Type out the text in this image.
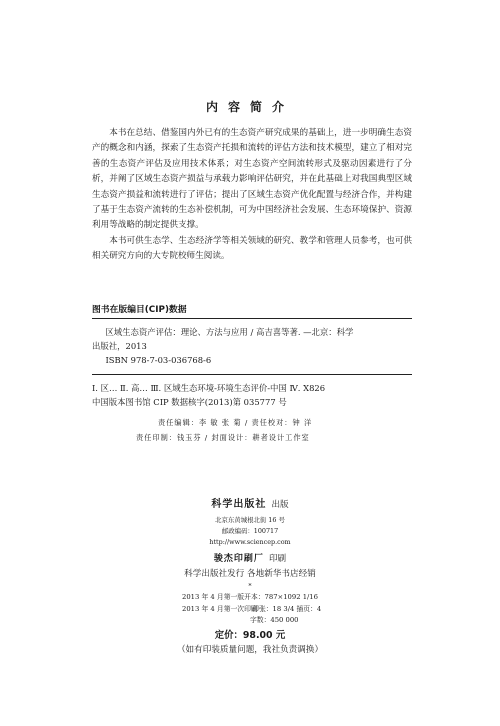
内容简介

本书在总结、借鉴国内外已有的生态资产研究成果的基础上，进一步明确生态资产的概念和内涵，探索了生态资产托损和流转的评估方法和技术模型，建立了相对完善的生态资产评估及应用技术体系；对生态资产空间流转形式及驱动因素进行了分析，并阐了区域生态资产损益与承载力影响评估研究，并在此基础上对我国典型区域生态资产损益和流转进行了评估；提出了区域生态资产优化配置与经济合作，并构建了基于生态资产流转的生态补偿机制，可为中国经济社会发展、生态环境保护、资源利用等战略的制定提供支撑。

本书可供生态学、生态经济学等相关领域的研究、教学和管理人员参考，也可供相关研究方向的大专院校师生阅读。

图书在版编目(CIP)数据
区域生态资产评估：理论、方法与应用 / 高吉喜等著. —北京：科学
出版社，2013
ISBN 978-7-03-036768-6
Ⅰ. 区… Ⅱ. 高… Ⅲ. 区域生态环境-环境生态评价-中国 Ⅳ. X826
中国版本图书馆 CIP 数据核字(2013)第 035777 号
责任编辑：李 敏 张 菊 / 责任校对：钟 洋
责任印制：钱玉芬 / 封面设计：耕者设计工作室
科学出版社 出版
北京东黄城根北街 16 号
邮政编码：100717
http://www.sciencep.com
骏杰印刷厂 印刷
科学出版社发行 各地新华书店经销
*
2013 年 4 月第一版 开本：787×1092 1/16
2013 年 4 月第一次印刷 印张：18 3/4 插页：4
字数：450 000
定价：98.00 元
（如有印装质量问题，我社负责调换）
